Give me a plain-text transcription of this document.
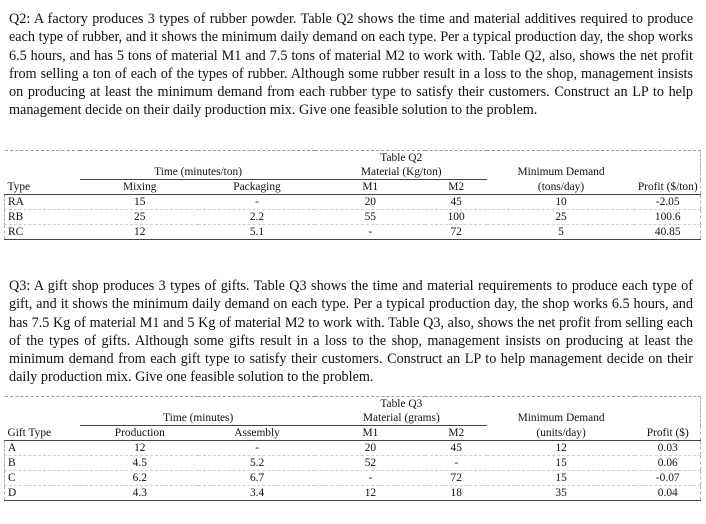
Q2: A factory produces 3 types of rubber powder. Table Q2 shows the time and material additives required to produce each type of rubber, and it shows the minimum daily demand on each type. Per a typical production day, the shop works 6.5 hours, and has 5 tons of material M1 and 7.5 tons of material M2 to work with. Table Q2, also, shows the net profit from selling a ton of each of the types of rubber. Although some rubber result in a loss to the shop, management insists on producing at least the minimum demand from each rubber type to satisfy their customers. Construct an LP to help management decide on their daily production mix. Give one feasible solution to the problem.

			Table Q2			
	Time (minutes/ton)		Material (Kg/ton)		Minimum Demand	
Type	Mixing	Packaging	M1	M2	(tons/day)	Profit ($/ton)
RA	15	-	20	45	10	-2.05
RB	25	2.2	55	100	25	100.6
RC	12	5.1	-	72	5	40.85

Q3: A gift shop produces 3 types of gifts. Table Q3 shows the time and material requirements to produce each type of gift, and it shows the minimum daily demand on each type. Per a typical production day, the shop works 6.5 hours, and has 7.5 Kg of material M1 and 5 Kg of material M2 to work with. Table Q3, also, shows the net profit from selling each of the types of gifts. Although some gifts result in a loss to the shop, management insists on producing at least the minimum demand from each gift type to satisfy their customers. Construct an LP to help management decide on their daily production mix. Give one feasible solution to the problem.

			Table Q3			
	Time (minutes)		Material (grams)		Minimum Demand	
Gift Type	Production	Assembly	M1	M2	(units/day)	Profit ($)
A	12	-	20	45	12	0.03
B	4.5	5.2	52	-	15	0.06
C	6.2	6.7	-	72	15	-0.07
D	4.3	3.4	12	18	35	0.04
